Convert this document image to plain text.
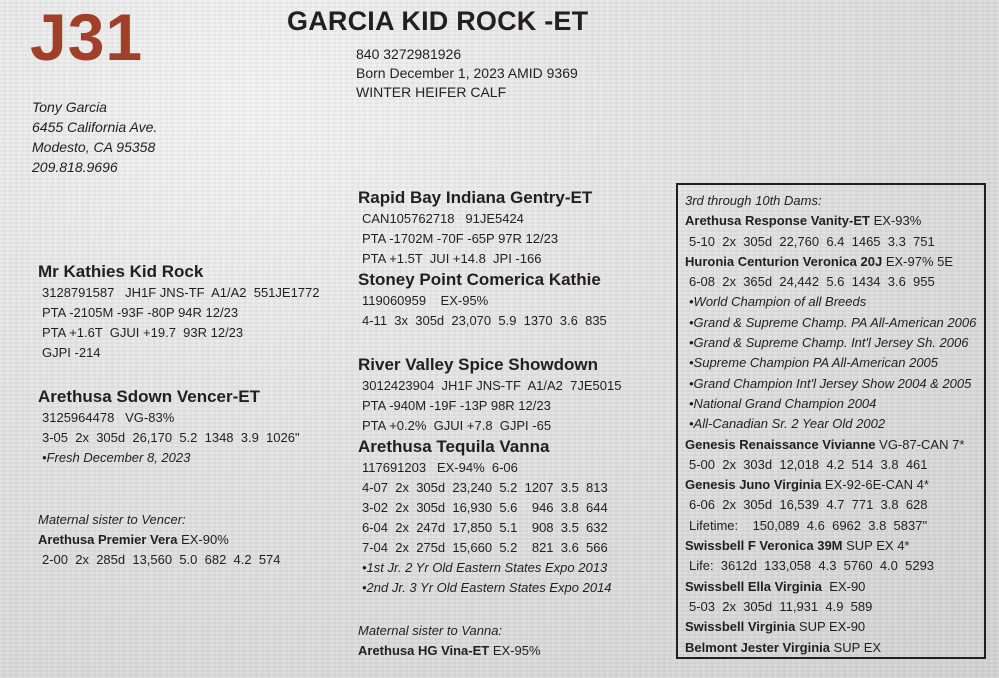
J31	GARCIA KID ROCK -ET
840 3272981926
Born December 1, 2023 AMID 9369
WINTER HEIFER CALF
Tony Garcia
6455 California Ave.
Modesto, CA 95358
209.818.9696
Mr Kathies Kid Rock
3128791587   JH1F JNS-TF  A1/A2  551JE1772
PTA -2105M -93F -80P 94R 12/23
PTA +1.6T  GJUI +19.7  93R 12/23
GJPI -214
Arethusa Sdown Vencer-ET
3125964478   VG-83%
3-05  2x  305d  26,170  5.2  1348  3.9  1026"
•Fresh December 8, 2023
Maternal sister to Vencer:
Arethusa Premier Vera EX-90%
2-00  2x  285d  13,560  5.0  682  4.2  574
Rapid Bay Indiana Gentry-ET
CAN105762718   91JE5424
PTA -1702M -70F -65P 97R 12/23
PTA +1.5T  JUI +14.8  JPI -166
Stoney Point Comerica Kathie
119060959    EX-95%
4-11  3x  305d  23,070  5.9  1370  3.6  835
River Valley Spice Showdown
3012423904  JH1F JNS-TF  A1/A2  7JE5015
PTA -940M -19F -13P 98R 12/23
PTA +0.2%  GJUI +7.8  GJPI -65
Arethusa Tequila Vanna
117691203   EX-94%  6-06
4-07  2x  305d  23,240  5.2  1207  3.5  813
3-02  2x  305d  16,930  5.6    946  3.8  644
6-04  2x  247d  17,850  5.1    908  3.5  632
7-04  2x  275d  15,660  5.2    821  3.6  566
•1st Jr. 2 Yr Old Eastern States Expo 2013
•2nd Jr. 3 Yr Old Eastern States Expo 2014
Maternal sister to Vanna:
Arethusa HG Vina-ET EX-95%
3rd through 10th Dams:
Arethusa Response Vanity-ET EX-93%
5-10  2x  305d  22,760  6.4  1465  3.3  751
Huronia Centurion Veronica 20J EX-97% 5E
6-08  2x  365d  24,442  5.6  1434  3.6  955
•World Champion of all Breeds
•Grand & Supreme Champ. PA All-American 2006
•Grand & Supreme Champ. Int'l Jersey Sh. 2006
•Supreme Champion PA All-American 2005
•Grand Champion Int'l Jersey Show 2004 & 2005
•National Grand Champion 2004
•All-Canadian Sr. 2 Year Old 2002
Genesis Renaissance Vivianne VG-87-CAN 7*
5-00  2x  303d  12,018  4.2  514  3.8  461
Genesis Juno Virginia EX-92-6E-CAN 4*
6-06  2x  305d  16,539  4.7  771  3.8  628
Lifetime:    150,089  4.6  6962  3.8  5837"
Swissbell F Veronica 39M SUP EX 4*
Life:  3612d  133,058  4.3  5760  4.0  5293
Swissbell Ella Virginia  EX-90
5-03  2x  305d  11,931  4.9  589
Swissbell Virginia SUP EX-90
Belmont Jester Virginia SUP EX
